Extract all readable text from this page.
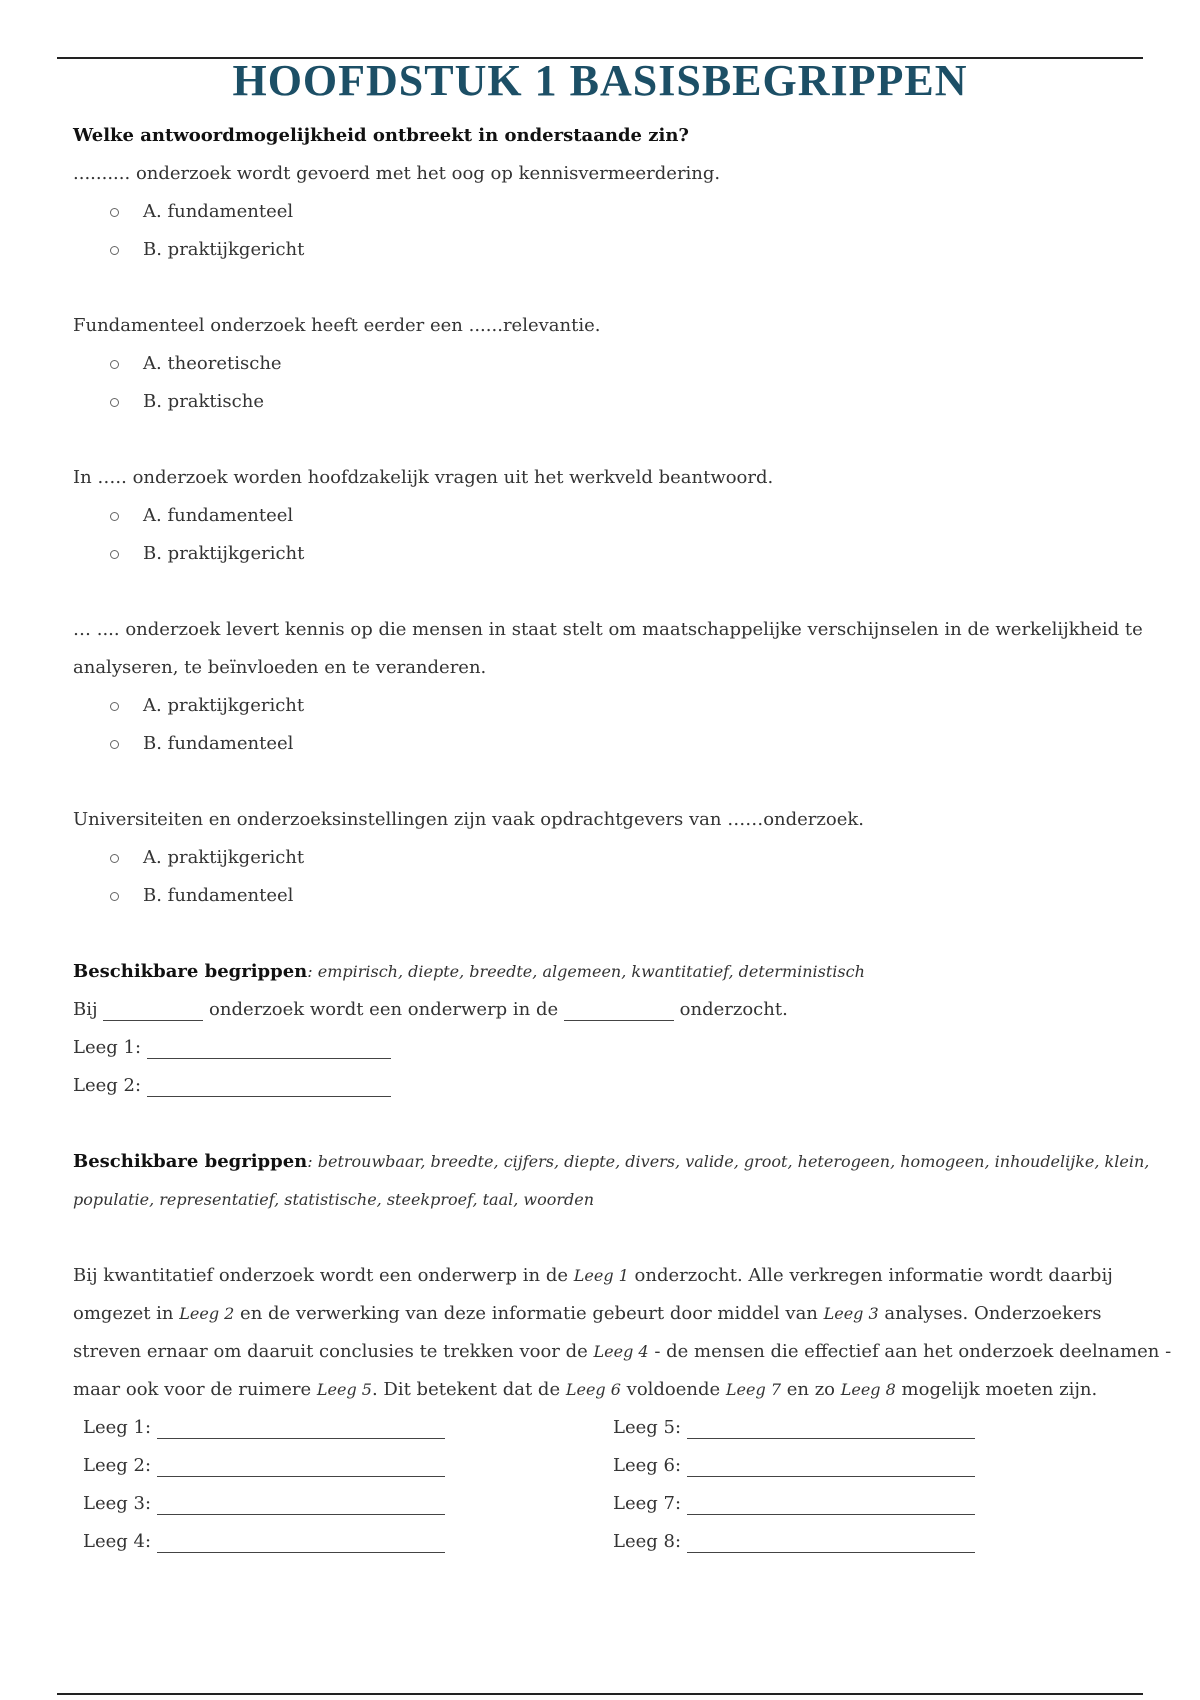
HOOFDSTUK 1 BASISBEGRIPPEN
Welke antwoordmogelijkheid ontbreekt in onderstaande zin?
.......... onderzoek wordt gevoerd met het oog op kennisvermeerdering.
A. fundamenteel
B. praktijkgericht
Fundamenteel onderzoek heeft eerder een ......relevantie.
A. theoretische
B. praktische
In ….. onderzoek worden hoofdzakelijk vragen uit het werkveld beantwoord.
A. fundamenteel
B. praktijkgericht
… .... onderzoek levert kennis op die mensen in staat stelt om maatschappelijke verschijnselen in de werkelijkheid te
analyseren, te beïnvloeden en te veranderen.
A. praktijkgericht
B. fundamenteel
Universiteiten en onderzoeksinstellingen zijn vaak opdrachtgevers van ……onderzoek.
A. praktijkgericht
B. fundamenteel
Beschikbare begrippen: empirisch, diepte, breedte, algemeen, kwantitatief, deterministisch
Bij	onderzoek wordt een onderwerp in de	onderzocht.
Leeg 1:
Leeg 2:
Beschikbare begrippen: betrouwbaar, breedte, cijfers, diepte, divers, valide, groot, heterogeen, homogeen, inhoudelijke, klein,
populatie, representatief, statistische, steekproef, taal, woorden
Bij kwantitatief onderzoek wordt een onderwerp in de Leeg 1 onderzocht. Alle verkregen informatie wordt daarbij
omgezet in Leeg 2 en de verwerking van deze informatie gebeurt door middel van Leeg 3 analyses. Onderzoekers
streven ernaar om daaruit conclusies te trekken voor de Leeg 4 - de mensen die effectief aan het onderzoek deelnamen -
maar ook voor de ruimere Leeg 5. Dit betekent dat de Leeg 6 voldoende Leeg 7 en zo Leeg 8 mogelijk moeten zijn.
Leeg 1:
Leeg 2:
Leeg 3:
Leeg 4:
Leeg 5:
Leeg 6:
Leeg 7:
Leeg 8:
